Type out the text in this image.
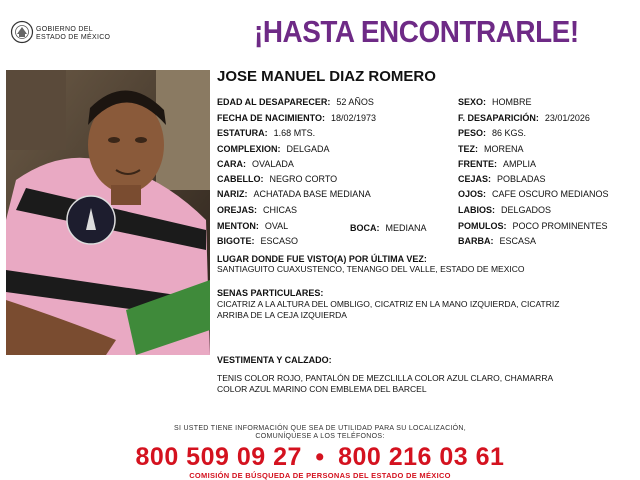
GOBIERNO DEL
ESTADO DE MÉXICO	¡HASTA ENCONTRARLE!
JOSE MANUEL DIAZ ROMERO
EDAD AL DESAPARECER: 52 AÑOS
FECHA DE NACIMIENTO: 18/02/1973
ESTATURA: 1.68 MTS.
COMPLEXION: DELGADA
CARA: OVALADA
CABELLO: NEGRO CORTO
NARIZ: ACHATADA BASE MEDIANA
OREJAS: CHICAS
MENTON: OVAL	BOCA: MEDIANA
BIGOTE: ESCASO
SEXO: HOMBRE
F. DESAPARICIÓN: 23/01/2026
PESO: 86 KGS.
TEZ: MORENA
FRENTE: AMPLIA
CEJAS: POBLADAS
OJOS: CAFE OSCURO MEDIANOS
LABIOS: DELGADOS
POMULOS: POCO PROMINENTES
BARBA: ESCASA
LUGAR DONDE FUE VISTO(A) POR ÚLTIMA VEZ:
SANTIAGUITO CUAXUSTENCO, TENANGO DEL VALLE, ESTADO DE MEXICO
SENAS PARTICULARES:
CICATRIZ A LA ALTURA DEL OMBLIGO, CICATRIZ EN LA MANO IZQUIERDA, CICATRIZ
ARRIBA DE LA CEJA IZQUIERDA
VESTIMENTA Y CALZADO:
TENIS COLOR ROJO, PANTALÓN DE MEZCLILLA COLOR AZUL CLARO, CHAMARRA
COLOR AZUL MARINO CON EMBLEMA DEL BARCEL
SI USTED TIENE INFORMACIÓN QUE SEA DE UTILIDAD PARA SU LOCALIZACIÓN,
COMUNÍQUESE A LOS TELÉFONOS:
800 509 09 27 • 800 216 03 61
COMISIÓN DE BÚSQUEDA DE PERSONAS DEL ESTADO DE MÉXICO
